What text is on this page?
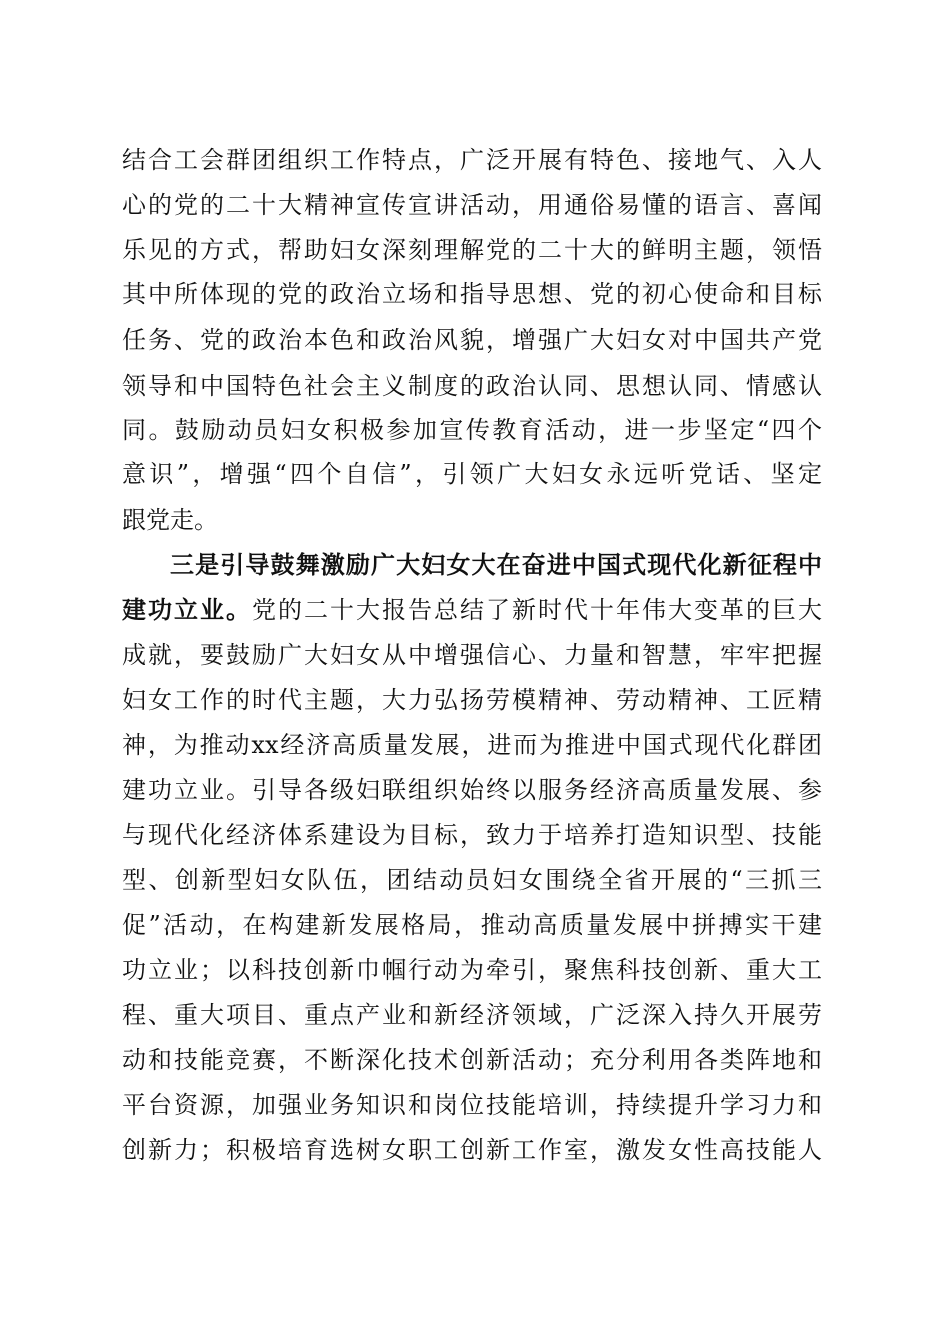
结合工会群团组织工作特点，广泛开展有特色、接地气、入人
心的党的二十大精神宣传宣讲活动，用通俗易懂的语言、喜闻
乐见的方式，帮助妇女深刻理解党的二十大的鲜明主题，领悟
其中所体现的党的政治立场和指导思想、党的初心使命和目标
任务、党的政治本色和政治风貌，增强广大妇女对中国共产党
领导和中国特色社会主义制度的政治认同、思想认同、情感认
同。鼓励动员妇女积极参加宣传教育活动，进一步坚定“四个
意识”，增强“四个自信”，引领广大妇女永远听党话、坚定
跟党走。
三是引导鼓舞激励广大妇女大在奋进中国式现代化新征程中
建功立业。党的二十大报告总结了新时代十年伟大变革的巨大
成就，要鼓励广大妇女从中增强信心、力量和智慧，牢牢把握
妇女工作的时代主题，大力弘扬劳模精神、劳动精神、工匠精
神，为推动xx经济高质量发展，进而为推进中国式现代化群团
建功立业。引导各级妇联组织始终以服务经济高质量发展、参
与现代化经济体系建设为目标，致力于培养打造知识型、技能
型、创新型妇女队伍，团结动员妇女围绕全省开展的“三抓三
促”活动，在构建新发展格局，推动高质量发展中拼搏实干建
功立业；以科技创新巾帼行动为牵引，聚焦科技创新、重大工
程、重大项目、重点产业和新经济领域，广泛深入持久开展劳
动和技能竞赛，不断深化技术创新活动；充分利用各类阵地和
平台资源，加强业务知识和岗位技能培训，持续提升学习力和
创新力；积极培育选树女职工创新工作室，激发女性高技能人
